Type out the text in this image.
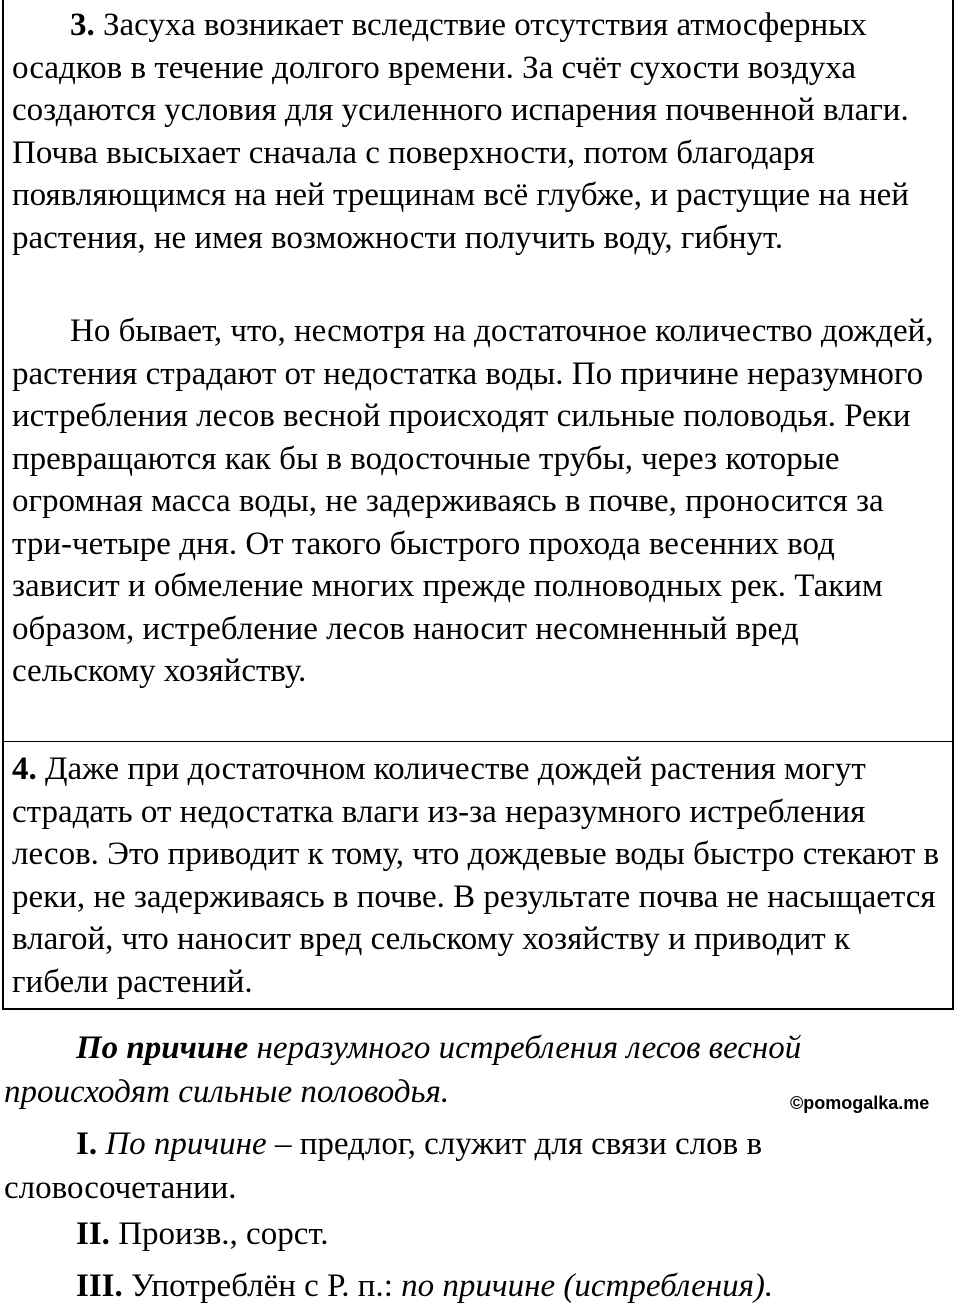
3. Засуха возникает вследствие отсутствия атмосферных осадков в течение долгого времени. За счёт сухости воздуха создаются условия для усиленного испарения почвенной влаги. Почва высыхает сначала с поверхности, потом благодаря появляющимся на ней трещинам всё глубже, и растущие на ней растения, не имея возможности получить воду, гибнут.

Но бывает, что, несмотря на достаточное количество дождей, растения страдают от недостатка воды. По причине неразумного истребления лесов весной происходят сильные половодья. Реки превращаются как бы в водосточные трубы, через которые огромная масса воды, не задерживаясь в почве, проносится за три-четыре дня. От такого быстрого прохода весенних вод зависит и обмеление многих прежде полноводных рек. Таким образом, истребление лесов наносит несомненный вред сельскому хозяйству.

4. Даже при достаточном количестве дождей растения могут страдать от недостатка влаги из-за неразумного истребления лесов. Это приводит к тому, что дождевые воды быстро стекают в реки, не задерживаясь в почве. В результате почва не насыщается влагой, что наносит вред сельскому хозяйству и приводит к гибели растений.

По причине неразумного истребления лесов весной происходят сильные половодья.	©pomogalka.me

I. По причине – предлог, служит для связи слов в словосочетании.

II. Произв., сорст.

III. Употреблён с Р. п.: по причине (истребления).
